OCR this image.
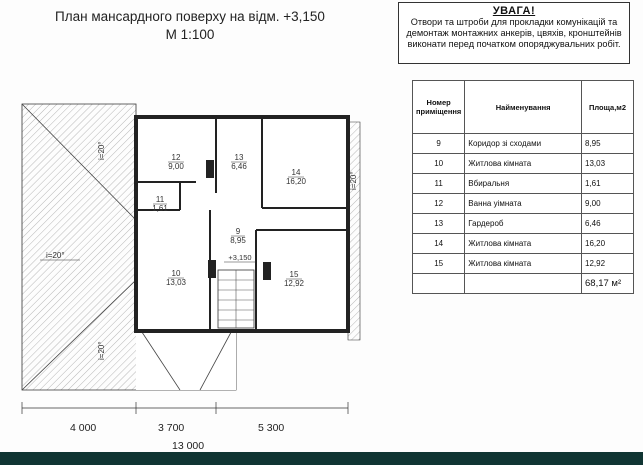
План мансардного поверху на відм. +3,150
М 1:100
УВАГА!
Отвори та штроби для прокладки комунікацій та демонтаж монтажних анкерів, цвяхів, кронштейнів виконати перед початком опоряджувальних робіт.
Номер приміщення	Найменування	Площа,м2
9	Коридор зі сходами	8,95
10	Житлова кімната	13,03
11	Вбиральня	1,61
12	Ванна уімната	9,00
13	Гардероб	6,46
14	Житлова кімната	16,20
15	Житлова кімната	12,92
		68,17 м²
12
9,00
13
6,46
14
16,20
11
1,61
9
8,95
10
13,03
15
12,92
+3,150
i=20°
i=20°
i=20°
i=20°
4 000	3 700	5 300
13 000
